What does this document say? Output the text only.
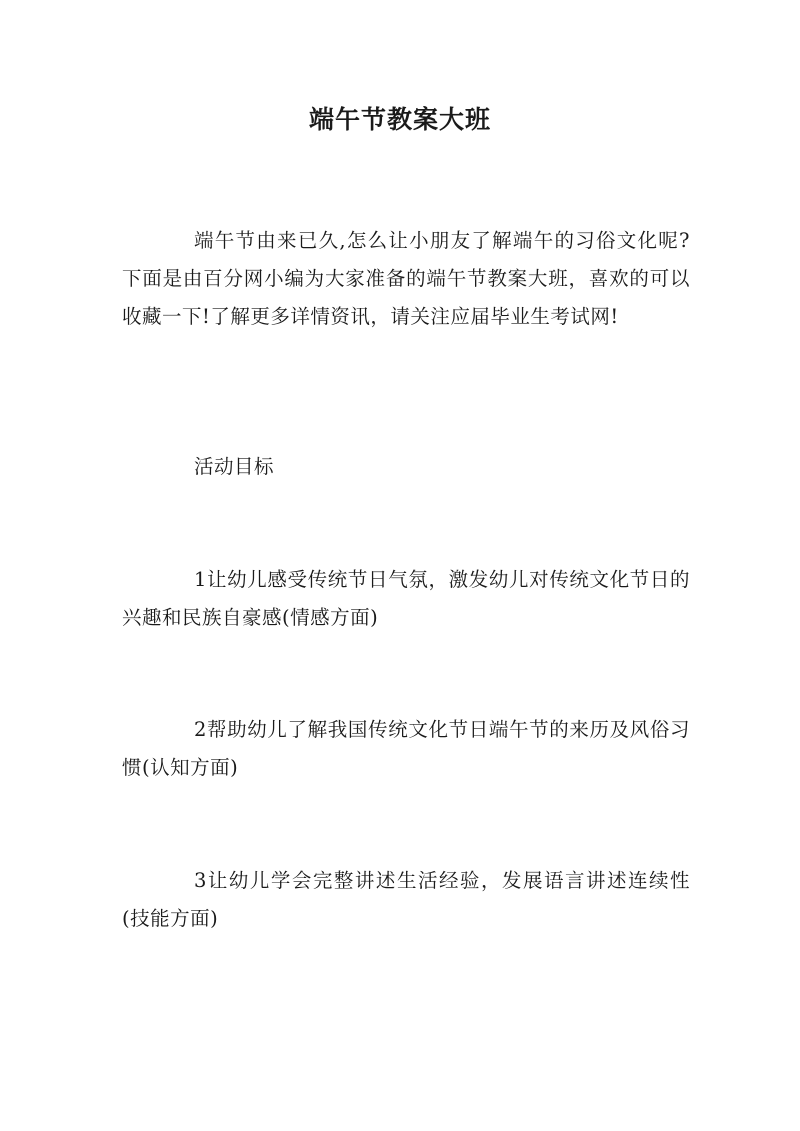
端午节教案大班

端午节由来已久,怎么让小朋友了解端午的习俗文化呢?下面是由百分网小编为大家准备的端午节教案大班，喜欢的可以收藏一下!了解更多详情资讯，请关注应届毕业生考试网!

活动目标

1让幼儿感受传统节日气氛，激发幼儿对传统文化节日的兴趣和民族自豪感(情感方面)

2帮助幼儿了解我国传统文化节日端午节的来历及风俗习惯(认知方面)

3让幼儿学会完整讲述生活经验，发展语言讲述连续性(技能方面)
